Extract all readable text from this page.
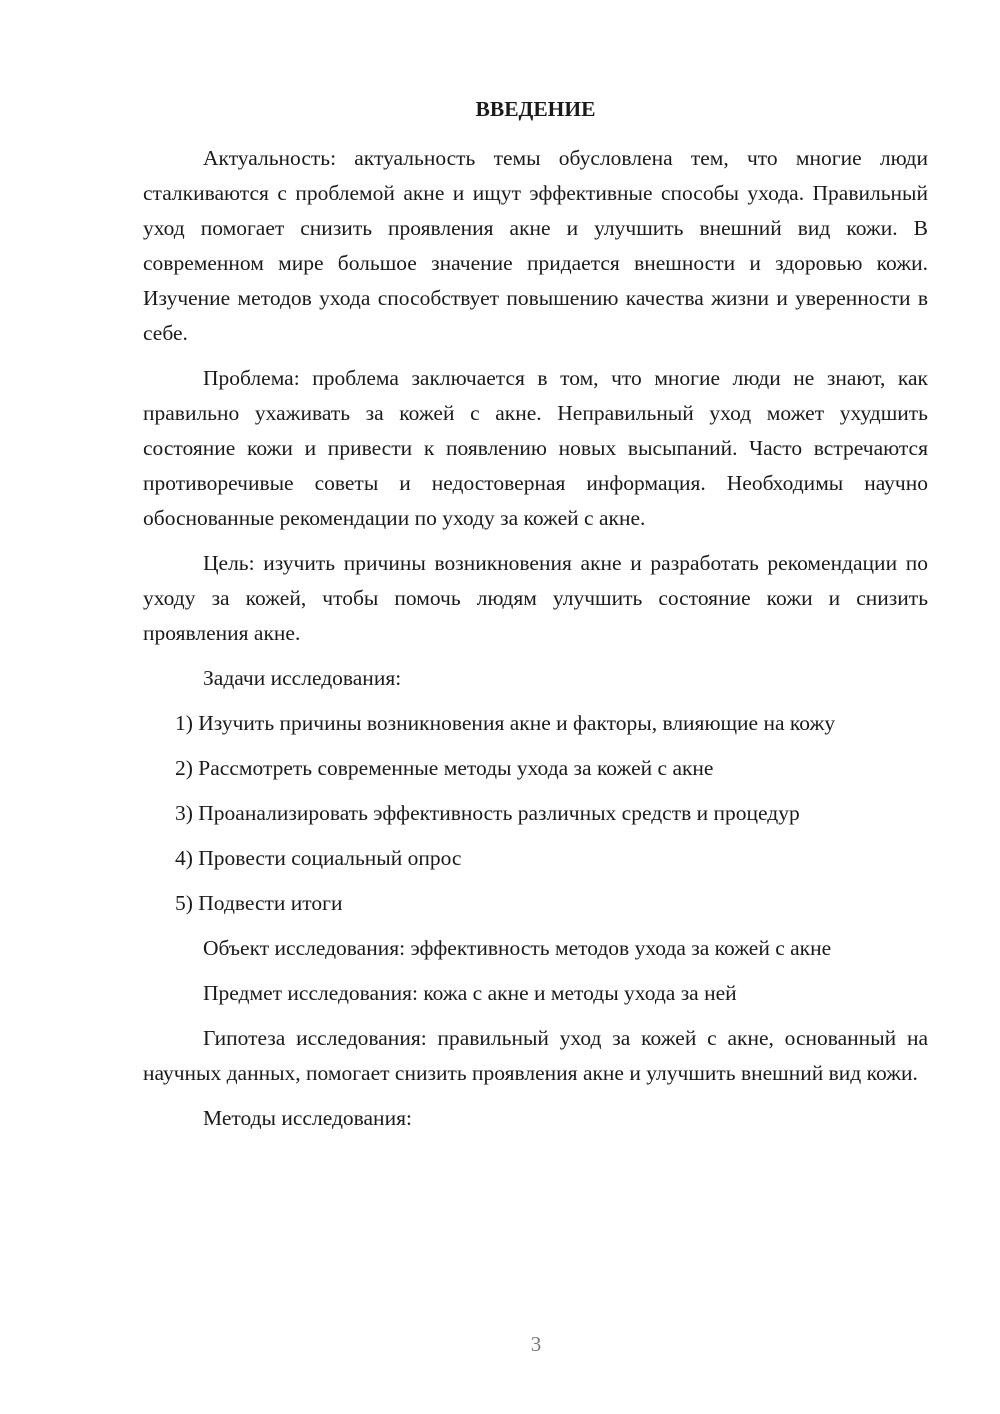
ВВЕДЕНИЕ

Актуальность: актуальность темы обусловлена тем, что многие люди сталкиваются с проблемой акне и ищут эффективные способы ухода. Правильный уход помогает снизить проявления акне и улучшить внешний вид кожи. В современном мире большое значение придается внешности и здоровью кожи. Изучение методов ухода способствует повышению качества жизни и уверенности в себе.

Проблема: проблема заключается в том, что многие люди не знают, как правильно ухаживать за кожей с акне. Неправильный уход может ухудшить состояние кожи и привести к появлению новых высыпаний. Часто встречаются противоречивые советы и недостоверная информация. Необходимы научно обоснованные рекомендации по уходу за кожей с акне.

Цель: изучить причины возникновения акне и разработать рекомендации по уходу за кожей, чтобы помочь людям улучшить состояние кожи и снизить проявления акне.

Задачи исследования:

1) Изучить причины возникновения акне и факторы, влияющие на кожу

2) Рассмотреть современные методы ухода за кожей с акне

3) Проанализировать эффективность различных средств и процедур

4) Провести социальный опрос

5) Подвести итоги

Объект исследования: эффективность методов ухода за кожей с акне

Предмет исследования: кожа с акне и методы ухода за ней

Гипотеза исследования: правильный уход за кожей с акне, основанный на научных данных, помогает снизить проявления акне и улучшить внешний вид кожи.

Методы исследования:

3
